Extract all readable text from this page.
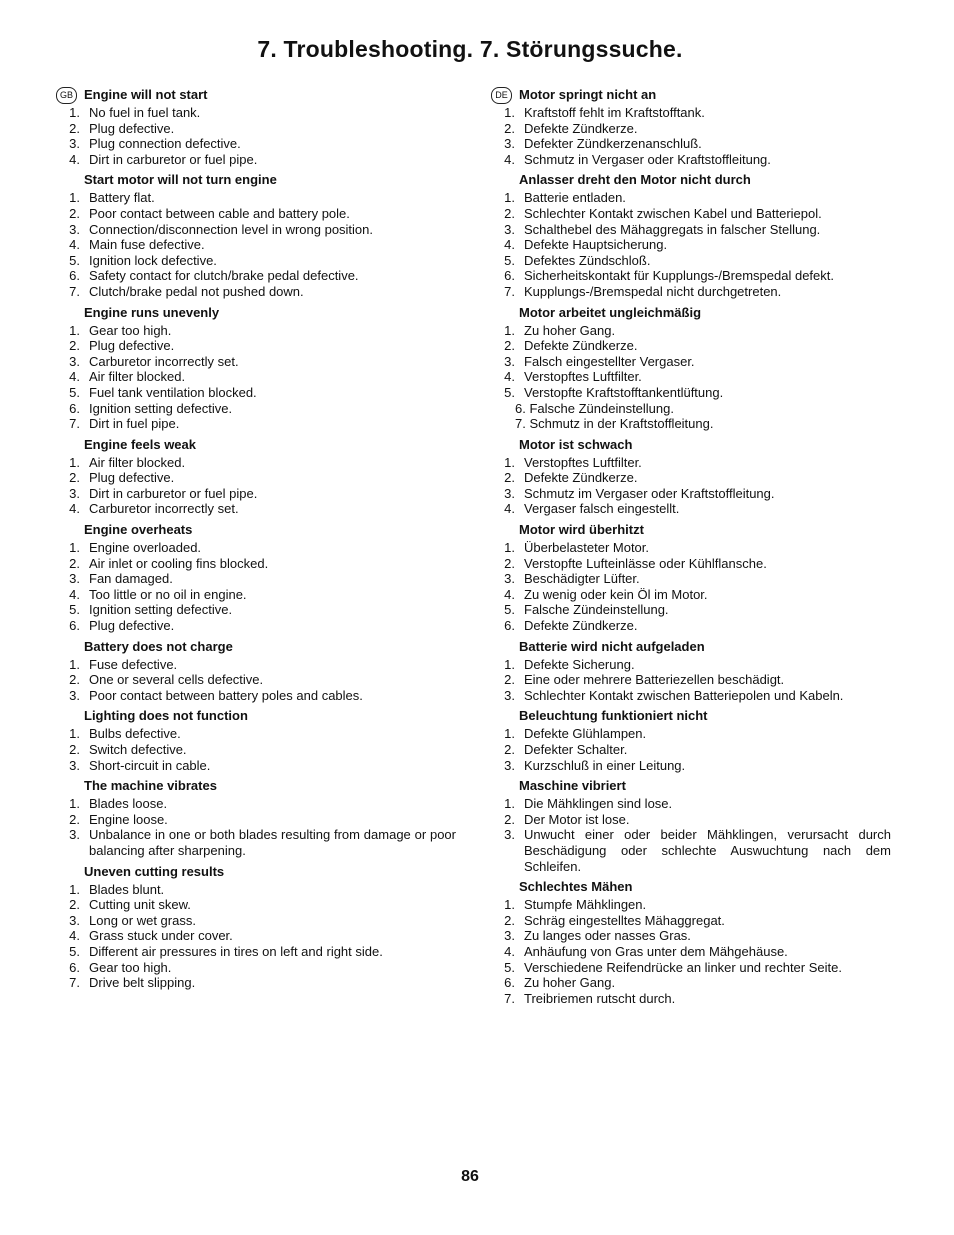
7. Troubleshooting. 7. Störungssuche.
GB Engine will not start
1. No fuel in fuel tank.
2. Plug defective.
3. Plug connection defective.
4. Dirt in carburetor or fuel pipe.
Start motor will not turn engine
1. Battery flat.
2. Poor contact between cable and battery pole.
3. Connection/disconnection level in wrong position.
4. Main fuse defective.
5. Ignition lock defective.
6. Safety contact for clutch/brake pedal defective.
7. Clutch/brake pedal not pushed down.
Engine runs unevenly
1. Gear too high.
2. Plug defective.
3. Carburetor incorrectly set.
4. Air filter blocked.
5. Fuel tank ventilation blocked.
6. Ignition setting defective.
7. Dirt in fuel pipe.
Engine feels weak
1. Air filter blocked.
2. Plug defective.
3. Dirt in carburetor or fuel pipe.
4. Carburetor incorrectly set.
Engine overheats
1. Engine overloaded.
2. Air inlet or cooling fins blocked.
3. Fan damaged.
4. Too little or no oil in engine.
5. Ignition setting defective.
6. Plug defective.
Battery does not charge
1. Fuse defective.
2. One or several cells defective.
3. Poor contact between battery poles and cables.
Lighting does not function
1. Bulbs defective.
2. Switch defective.
3. Short-circuit in cable.
The machine vibrates
1. Blades loose.
2. Engine loose.
3. Unbalance in one or both blades resulting from damage or poor balancing after sharpening.
Uneven cutting results
1. Blades blunt.
2. Cutting unit skew.
3. Long or wet grass.
4. Grass stuck under cover.
5. Different air pressures in tires on left and right side.
6. Gear too high.
7. Drive belt slipping.
DE Motor springt nicht an
1. Kraftstoff fehlt im Kraftstofftank.
2. Defekte Zündkerze.
3. Defekter Zündkerzenanschluß.
4. Schmutz in Vergaser oder Kraftstoffleitung.
Anlasser dreht den Motor nicht durch
1. Batterie entladen.
2. Schlechter Kontakt zwischen Kabel und Batteriepol.
3. Schalthebel des Mähaggregats in falscher Stellung.
4. Defekte Hauptsicherung.
5. Defektes Zündschloß.
6. Sicherheitskontakt für Kupplungs-/Bremspedal defekt.
7. Kupplungs-/Bremspedal nicht durchgetreten.
Motor arbeitet ungleichmäßig
1. Zu hoher Gang.
2. Defekte Zündkerze.
3. Falsch eingestellter Vergaser.
4. Verstopftes Luftfilter.
5. Verstopfte Kraftstofftankentlüftung.
6. Falsche Zündeinstellung.
7. Schmutz in der Kraftstoffleitung.
Motor ist schwach
1. Verstopftes Luftfilter.
2. Defekte Zündkerze.
3. Schmutz im Vergaser oder Kraftstoffleitung.
4. Vergaser falsch eingestellt.
Motor wird überhitzt
1. Überbelasteter Motor.
2. Verstopfte Lufteinlässe oder Kühlflansche.
3. Beschädigter Lüfter.
4. Zu wenig oder kein Öl im Motor.
5. Falsche Zündeinstellung.
6. Defekte Zündkerze.
Batterie wird nicht aufgeladen
1. Defekte Sicherung.
2. Eine oder mehrere Batteriezellen beschädigt.
3. Schlechter Kontakt zwischen Batteriepolen und Kabeln.
Beleuchtung funktioniert nicht
1. Defekte Glühlampen.
2. Defekter Schalter.
3. Kurzschluß in einer Leitung.
Maschine vibriert
1. Die Mähklingen sind lose.
2. Der Motor ist lose.
3. Unwucht einer oder beider Mähklingen, verursacht durch Beschädigung oder schlechte Auswuchtung nach dem Schleifen.
Schlechtes Mähen
1. Stumpfe Mähklingen.
2. Schräg eingestelltes Mähaggregat.
3. Zu langes oder nasses Gras.
4. Anhäufung von Gras unter dem Mähgehäuse.
5. Verschiedene Reifendrücke an linker und rechter Seite.
6. Zu hoher Gang.
7. Treibriemen rutscht durch.
86
